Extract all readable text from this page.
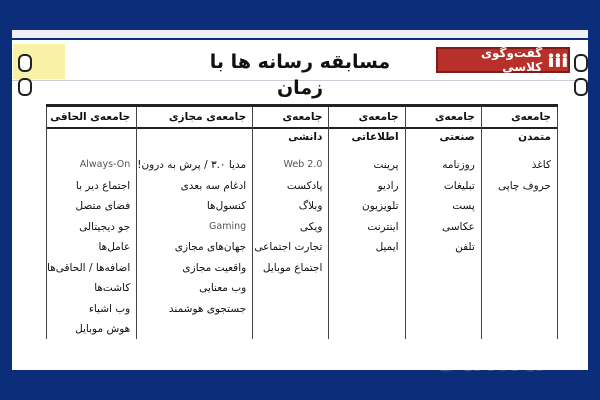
مسابقه رسانه ها با زمان
گفت‌وگوی کلاسی
جامعه‌ی متمدن
کاغذ
حروف چاپی
جامعه‌ی صنعتی
روزنامه
تبلیغات
پست
عکاسی
تلفن
جامعه‌ی اطلاعاتی
پرینت
رادیو
تلویزیون
اینترنت
ایمیل
جامعه‌ی دانشی
Web 2.0
پادکست
وبلاگ
ویکی
تجارت اجتماعی
اجتماع موبایل
جامعه‌ی مجازی
مدیا ۳.۰ / پرش به درون!
ادغام سه بعدی
کنسول‌ها
Gaming
جهان‌های مجازی
واقعیت مجازی
وب معنایی
جستجوی هوشمند
جامعه‌ی الحاقی
Always-On
اجتماع دیر با
فضای متصل
جو دیجیتالی
عامل‌ها
اضافه‌ها / الحاقی‌ها
کاشت‌ها
وب اشیاء
هوش موبایل
Gama
